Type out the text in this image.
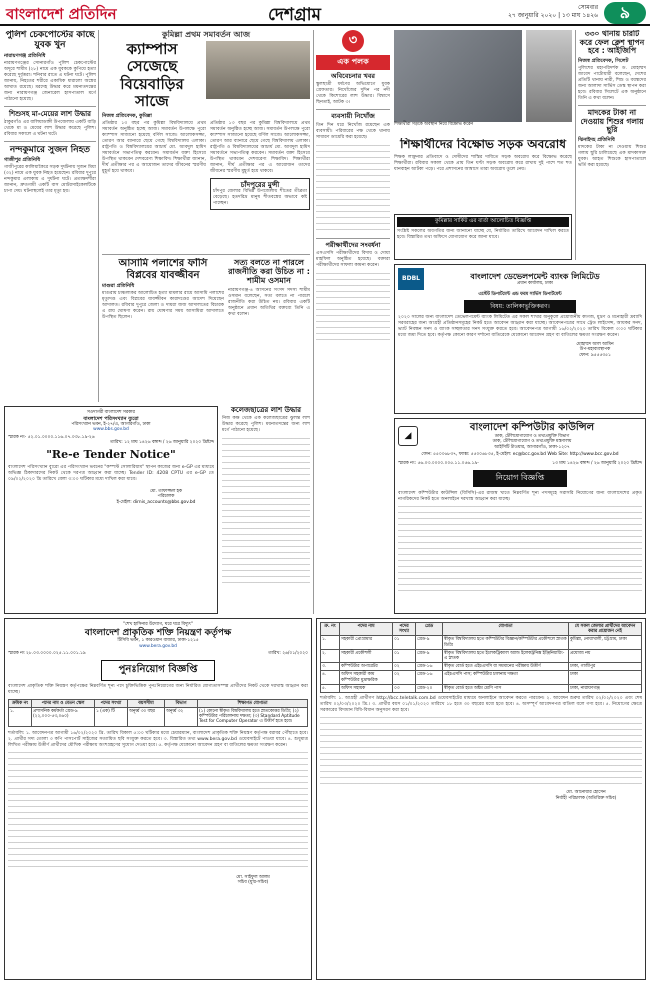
বাংলাদেশ প্রতিদিন	দেশগ্রাম	সোমবার
২৭ জানুয়ারি ২০২০ | ১৩ মাঘ ১৪২৬	৯
পুলিশ চেকপোস্টের কাছে যুবক খুন
নারায়ণগঞ্জ প্রতিনিধি
নারায়ণগঞ্জের সোনারগাঁও পুলিশ চেকপোস্টের অদূরে শামীম (২৮) নামে এক যুবককে কুপিয়ে হত্যা করেছে দুর্বৃত্তরা। শনিবার রাতে এ ঘটনা ঘটে। পুলিশ জানায়, নিহতের শরীরে একাধিক ধারালো অস্ত্রের আঘাত রয়েছে। মরদেহ উদ্ধার করে ময়নাতদন্তের জন্য নারায়ণগঞ্জ জেনারেল হাসপাতাল মর্গে পাঠানো হয়েছে।
শিশুসহ মা-মেয়ের লাশ উদ্ধার
ঠাকুরগাঁও এর বালিয়াডাঙ্গী উপজেলায় একটি বাড়ি থেকে মা ও মেয়ের লাশ উদ্ধার করেছে পুলিশ। রবিবার সকালে এ ঘটনা ঘটে।
নন্দকুমারে সুজন নিহত
গাজীপুর প্রতিনিধি
গাজীপুরের কালিয়াকৈরে সড়ক দুর্ঘটনায় সুজন মিয়া (৩২) নামে এক যুবক নিহত হয়েছেন। রবিবার দুপুরে নন্দকুমার এলাকায় এ দুর্ঘটনা ঘটে। প্রত্যক্ষদর্শীরা জানান, দ্রুতগামী একটি বাস মোটরসাইকেলটিকে চাপা দেয়। ঘটনাস্থলেই তার মৃত্যু হয়।
কুমিল্লা প্রথম সমাবর্তন আজ
ক্যাম্পাস সেজেছে বিয়েবাড়ির সাজে
নিজস্ব প্রতিবেদক, কুমিল্লা
প্রতিষ্ঠার ১৩ বছর পর কুমিল্লা বিশ্ববিদ্যালয়ে প্রথম সমাবর্তন অনুষ্ঠিত হচ্ছে আজ। সমাবর্তন উপলক্ষে পুরো ক্যাম্পাস সাজানো হয়েছে বর্ণিল সাজে। আলোকসজ্জা, তোরণ আর ব্যানারে ছেয়ে গেছে বিশ্ববিদ্যালয় এলাকা। রাষ্ট্রপতি ও বিশ্ববিদ্যালয়ের আচার্য মো. আবদুল হামিদ সমাবর্তনে সভাপতিত্ব করবেন। সমাবর্তন বক্তা হিসেবে উপস্থিত থাকবেন দেশবরেণ্য শিক্ষাবিদ। শিক্ষার্থীরা জানান, দীর্ঘ প্রতীক্ষার পর এ আয়োজন তাদের জীবনের স্মরণীয় মুহূর্ত হয়ে থাকবে।
প্রতিষ্ঠার ১৩ বছর পর কুমিল্লা বিশ্ববিদ্যালয়ে প্রথম সমাবর্তন অনুষ্ঠিত হচ্ছে আজ। সমাবর্তন উপলক্ষে পুরো ক্যাম্পাস সাজানো হয়েছে বর্ণিল সাজে। আলোকসজ্জা, তোরণ আর ব্যানারে ছেয়ে গেছে বিশ্ববিদ্যালয় এলাকা। রাষ্ট্রপতি ও বিশ্ববিদ্যালয়ের আচার্য মো. আবদুল হামিদ সমাবর্তনে সভাপতিত্ব করবেন। সমাবর্তন বক্তা হিসেবে উপস্থিত থাকবেন দেশবরেণ্য শিক্ষাবিদ। শিক্ষার্থীরা জানান, দীর্ঘ প্রতীক্ষার পর এ আয়োজন তাদের জীবনের স্মরণীয় মুহূর্ত হয়ে থাকবে।
চাঁদপুরের মুন্সী
চাঁদপুর জেলার বিভিন্ন উপজেলায় শীতের তীব্রতা বেড়েছে। হতদরিদ্র মানুষ শীতবস্ত্রের অভাবে কষ্ট পাচ্ছেন।
আসামি পলাশের ফাঁসি বিপ্লবের যাবজ্জীবন
মাগুরা প্রতিনিধি
মাগুরায় চাঞ্চল্যকর আলোচিত হত্যা মামলার রায়ে আসামি পলাশের মৃত্যুদণ্ড এবং বিপ্লবের যাবজ্জীবন কারাদণ্ডের আদেশ দিয়েছেন আদালত। রবিবার দুপুরে জেলা ও দায়রা জজ আদালতের বিচারক এ রায় ঘোষণা করেন। রায় ঘোষণার সময় আসামিরা আদালতে উপস্থিত ছিলেন।
সত্য বলতে না পারলে রাজনীতি করা উচিত না : শামীম ওসমান
নারায়ণগঞ্জ-৪ আসনের সংসদ সদস্য শামীম ওসমান বলেছেন, সত্য বলতে না পারলে রাজনীতি করা উচিত নয়। রবিবার একটি অনুষ্ঠানে প্রধান অতিথির বক্তব্যে তিনি এ কথা বলেন।
সওদাগরী বাংলাদেশ সরকার
বাংলাদেশ পরিসংখ্যান ব্যুরো
পরিসংখ্যান ভবন, ই-২৭/এ, আগারগাঁও, ঢাকা
www.bbs.gov.bd
স্মারক নং- ৫২.০১.০০০০.১১৬.০৭.০৩৮.১৯-২৬
তারিখ: ১২ মাঘ ১৪২৬ বঙ্গাব্দ / ২৬ জানুয়ারি ২০২০ খ্রিষ্টাব্দ
"Re-e Tender Notice"
বাংলাদেশ পরিসংখ্যান ব্যুরো এর পরিসংখ্যান ভবনের "কম্পস্ট সোলারিয়াম" স্থাপন কাজের জন্য e-GP এর মাধ্যমে অভিজ্ঞ ঠিকাদারদের নিকট থেকে দরপত্র আহ্বান করা যাচ্ছে। Tender ID: 4208 CPTU এর e-GP তে ০৯/০২/২০২০ খ্রি তারিখে বেলা ৩:০০ ঘটিকার মধ্যে দাখিল করা যাবে।
মো. তাফাজ্জল হক
পরিচালক
ই-মেইল: dirnis_accounts@bbs.gov.bd
কলেজছাত্রের লাশ উদ্ধার
নিজ কক্ষ থেকে এক কলেজছাত্রের ঝুলন্ত লাশ উদ্ধার করেছে পুলিশ। ময়নাতদন্তের জন্য লাশ মর্গে পাঠানো হয়েছে।
৩
এক পলক
অবিবেচনার খবর
স্কুলছাত্রী ধর্ষণের অভিযোগে যুবক গ্রেফতার। নিখোঁজের দুদিন পর নদী থেকে কিশোরের লাশ উদ্ধার। বিশ্বাসে ছিনতাই, আটক ৩।
ব্যবসায়ী নিখোঁজ
তিন দিন ধরে নিখোঁজ রয়েছেন এক ব্যবসায়ী। পরিবারের পক্ষ থেকে থানায় সাধারণ ডায়েরি করা হয়েছে।
পরীক্ষার্থীদের সংবর্ধনা
এসএসসি পরীক্ষার্থীদের বিদায় ও দোয়া মাহফিল অনুষ্ঠিত হয়েছে। বক্তারা পরীক্ষার্থীদের সাফল্য কামনা করেন।
শিক্ষার্থীরা সড়কে অবস্থান নিয়ে বিক্ষোভ করেন
শিক্ষার্থীদের বিক্ষোভ সড়ক অবরোধ
শিক্ষক লাঞ্ছনার প্রতিবাদে ও দোষীদের শাস্তির দাবিতে সড়ক অবরোধ করে বিক্ষোভ করেছে শিক্ষার্থীরা। রবিবার সকাল থেকে প্রায় তিন ঘণ্টা সড়ক অবরোধ করে রাখায় দুই পাশে শত শত যানবাহন আটকা পড়ে। পরে প্রশাসনের আশ্বাসে তারা অবরোধ তুলে নেয়।
৩৩০ থানায় চারটি করে ফেল ক্লেশ স্থাপন হবে : আইজিপি
নিজস্ব প্রতিবেদক, সিলেট
পুলিশের মহাপরিদর্শক ড. মোহাম্মদ জাবেদ পাটোয়ারী বলেছেন, দেশের প্রতিটি থানায় নারী, শিশু ও বয়স্কদের জন্য আলাদা সার্ভিস ডেস্ক স্থাপন করা হবে। রবিবার সিলেটে এক অনুষ্ঠানে তিনি এ কথা বলেন।
মাদকের টাকা না দেওয়ায় শিশুর গলায় ছুরি
ঝিনাইদহ প্রতিনিধি
মাদকের টাকা না দেওয়ায় শিশুর গলায় ছুরি চালিয়েছে এক মাদকাসক্ত যুবক। আহত শিশুকে হাসপাতালে ভর্তি করা হয়েছে।
কুমিল্লার সার্কিট এর বার্তা আলোচিত বিজ্ঞপ্তি
সংশ্লিষ্ট সকলের অবগতির জন্য জানানো যাচ্ছে যে, নির্ধারিত তারিখে আবেদন দাখিল করতে হবে। বিস্তারিত তথ্য অফিসে যোগাযোগ করে জানা যাবে।
BDBL	বাংলাদেশ ডেভেলপমেন্ট ব্যাংক লিমিটেড
প্রধান কার্যালয়, ঢাকা
এস্টেট ডিপার্টমেন্ট এন্ড ফরম সার্ভিস ডিপার্টমেন্ট
বিষয়: তালিকাভুক্তিকরণ।
২০২০ সালের জন্য বাংলাদেশ ডেভেলপমেন্ট ব্যাংক লিমিটেড এর সকল শাখার অনুকূলে প্রয়োজনীয় কাগজ, মুদ্রণ ও মনোহারী দ্রব্যাদি সরবরাহের জন্য আগ্রহী প্রতিষ্ঠানসমূহের নিকট হতে আবেদন আহ্বান করা যাচ্ছে। আবেদনপত্রের সাথে ট্রেড লাইসেন্স, আয়কর সনদ, ভ্যাট নিবন্ধন সনদ ও ব্যাংক সচ্ছলতার সনদ সংযুক্ত করতে হবে। আবেদনপত্র আগামী ১৬/০২/২০২০ তারিখ বিকেল ৩:০০ ঘটিকার মধ্যে জমা দিতে হবে। কর্তৃপক্ষ কোনো কারণ দর্শানো ব্যতিরেকে যেকোনো আবেদন গ্রহণ বা বাতিলের ক্ষমতা সংরক্ষণ করেন।
মোহাম্মদ আল আমিন
উপ-মহাব্যবস্থাপক
ফোন: ৯৫৫৫৩৫১
◢
বাংলাদেশ কম্পিউটার কাউন্সিল
ডাক, টেলিযোগাযোগ ও তথ্যপ্রযুক্তি বিভাগ
ডাক, টেলিযোগাযোগ ও তথ্যপ্রযুক্তি মন্ত্রণালয়
আইসিটি টাওয়ার, আগারগাঁও, ঢাকা-১২০৭
ফোন: ৫৫০০৬৮৩৭, ফ্যাক্স: ৫৫০০৬৮৩৫, ই-মেইল: ec@bcc.gov.bd Web Site: http://www.bcc.gov.bd
স্মারক নং: ৫৬.০৩.০০০০.০০৫.১১.০৫৬.১৯-	১৩ মাঘ ১৪২৬ বঙ্গাব্দ / ২৬ জানুয়ারি ২০২০ খ্রিষ্টাব্দ
নিয়োগ বিজ্ঞপ্তি
বাংলাদেশ কম্পিউটার কাউন্সিল (বিসিসি)-এর রাজস্ব খাতে নিম্নবর্ণিত শূন্য পদসমূহে সরাসরি নিয়োগের জন্য বাংলাদেশের প্রকৃত নাগরিকদের নিকট হতে অনলাইনে দরখাস্ত আহ্বান করা যাচ্ছে।
ক্র. নং	পদের নাম	পদের সংখ্যা	গ্রেড	যোগ্যতা	যে সকল জেলার প্রার্থীদের আবেদন করার প্রয়োজন নেই
১.	সহকারী প্রোগ্রামার	০১	গ্রেড-৯	স্বীকৃত বিশ্ববিদ্যালয় হতে কম্পিউটার বিজ্ঞান/কম্পিউটার প্রকৌশলে স্নাতক ডিগ্রি	কুমিল্লা, নোয়াখালী, চট্টগ্রাম, ঢাকা
২.	সহকারী প্রকৌশলী	০১	গ্রেড-৯	স্বীকৃত বিশ্ববিদ্যালয় হতে ইলেকট্রিক্যাল অ্যান্ড ইলেকট্রনিক্স ইঞ্জিনিয়ারিং-এ স্নাতক	প্রযোজ্য নয়
৩.	কম্পিউটার অপারেটর	০২	গ্রেড-১৬	স্বীকৃত বোর্ড হতে এইচএসসি বা সমমানের পরীক্ষায় উত্তীর্ণ	ঢাকা, গাজীপুর
৪.	অফিস সহকারী কাম কম্পিউটার মুদ্রাক্ষরিক	০২	গ্রেড-১৬	এইচএসসি পাস; কম্পিউটার চালনায় দক্ষতা	ঢাকা
৫.	অফিস সহায়ক	০৩	গ্রেড-২০	স্বীকৃত বোর্ড হতে অষ্টম শ্রেণি পাস	ঢাকা, নারায়ণগঞ্জ
শর্তাবলি: ১. আগ্রহী প্রার্থীগণ http://bcc.teletalk.com.bd ওয়েবসাইটের মাধ্যমে অনলাইনে আবেদন করতে পারবেন। ২. আবেদন শুরুর তারিখ ০২/০২/২০২০ এবং শেষ তারিখ ০২/০৩/২০২০ খ্রি.। ৩. প্রার্থীর বয়স ০১/০১/২০২০ তারিখে ১৮ হতে ৩০ বছরের মধ্যে হতে হবে। ৪. অসম্পূর্ণ আবেদনপত্র বাতিল বলে গণ্য হবে। ৫. নিয়োগের ক্ষেত্রে সরকারের বিদ্যমান বিধি-বিধান অনুসরণ করা হবে।
মো. আনোয়ার হোসেন
নির্বাহী পরিচালক (অতিরিক্ত সচিব)
"শেখ হাসিনার উদ্যোগ, ঘরে ঘরে বিদ্যুৎ"
বাংলাদেশ প্রাকৃতিক শক্তি নিয়ন্ত্রণ কর্তৃপক্ষ
টিসিবি ভবন, ১ কারওয়ান বাজার, ঢাকা-১২১৫
www.bera.gov.bd
স্মারক নং ২৮.০৩.০০০০.০২৫.১১.০০১.১৯	তারিখ: ২৬/০১/২০২০
পুনঃনিয়োগ বিজ্ঞপ্তি
বাংলাদেশ প্রাকৃতিক শক্তি নিয়ন্ত্রণ কর্তৃপক্ষের নিম্নবর্ণিত শূন্য পদে চুক্তিভিত্তিক পুনঃনিয়োগের জন্য নির্ধারিত যোগ্যতাসম্পন্ন প্রার্থীদের নিকট থেকে দরখাস্ত আহ্বান করা যাচ্ছে।
ক্রমিক নং	পদের নাম ও বেতন স্কেল	পদের সংখ্যা	বয়সসীমা	বিভাগ	শিক্ষাগত যোগ্যতা
১.	প্রশাসনিক কর্মকর্তা গ্রেড-৯ (২২,০০০-৫৩,০৬০)	১ (এক) টি	অনূর্ধ্ব ৩০ বছর	অনূর্ধ্ব ৩২	(১) কোনো স্বীকৃত বিশ্ববিদ্যালয় হতে স্নাতকোত্তর ডিগ্রি; (২) কম্পিউটার পরিচালনায় দক্ষতা; (৩) Standard Aptitude Test for Computer Operator এ উত্তীর্ণ হতে হবে।
শর্তাবলি: ১. আবেদনপত্র আগামী ১৬/০২/২০২০ খ্রি. তারিখ বিকাল ৫:০০ ঘটিকার মধ্যে চেয়ারম্যান, বাংলাদেশ প্রাকৃতিক শক্তি নিয়ন্ত্রণ কর্তৃপক্ষ বরাবর পৌঁছাতে হবে। ২. প্রার্থীর সদ্য তোলা ৩ কপি পাসপোর্ট সাইজের সত্যায়িত ছবি সংযুক্ত করতে হবে। ৩. বিস্তারিত তথ্য www.bera.gov.bd ওয়েবসাইটে পাওয়া যাবে। ৪. শুধুমাত্র লিখিত পরীক্ষায় উত্তীর্ণ প্রার্থীদের মৌখিক পরীক্ষায় অংশগ্রহণের সুযোগ দেওয়া হবে। ৫. কর্তৃপক্ষ যেকোনো আবেদন গ্রহণ বা বাতিলের ক্ষমতা সংরক্ষণ করেন।
মো. সাইফুল আলম
সচিব (যুগ্ম-সচিব)
